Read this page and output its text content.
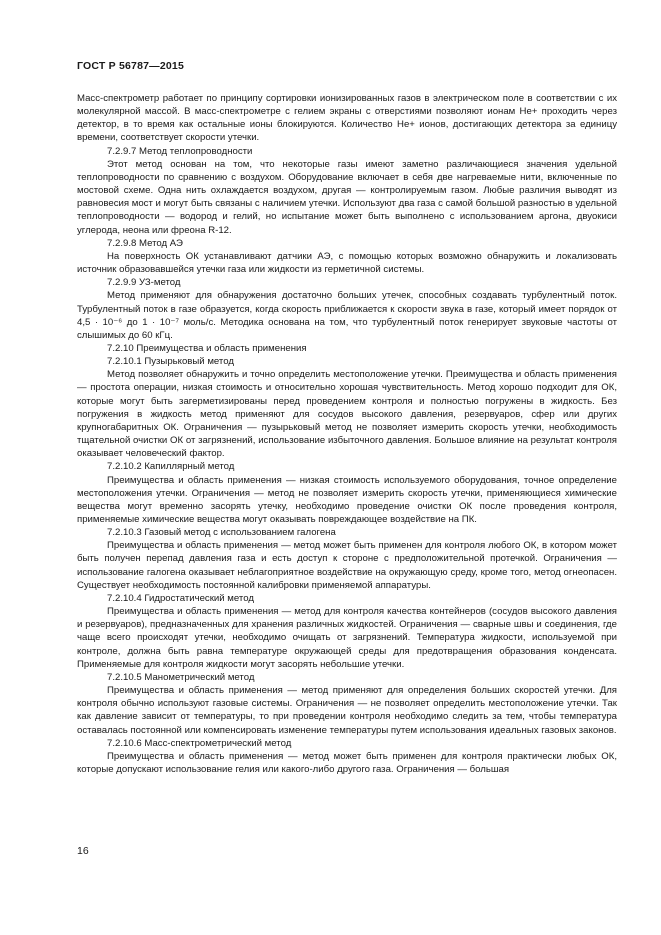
ГОСТ Р 56787—2015

Масс-спектрометр работает по принципу сортировки ионизированных газов в электрическом поле в соответствии с их молекулярной массой. В масс-спектрометре с гелием экраны с отверстиями позволяют ионам He+ проходить через детектор, в то время как остальные ионы блокируются. Количество He+ ионов, достигающих детектора за единицу времени, соответствует скорости утечки.

7.2.9.7 Метод теплопроводности

Этот метод основан на том, что некоторые газы имеют заметно различающиеся значения удельной теплопроводности по сравнению с воздухом. Оборудование включает в себя две нагреваемые нити, включенные по мостовой схеме. Одна нить охлаждается воздухом, другая — контролируемым газом. Любые различия выводят из равновесия мост и могут быть связаны с наличием утечки. Используют два газа с самой большой разностью в удельной теплопроводности — водород и гелий, но испытание может быть выполнено с использованием аргона, двуокиси углерода, неона или фреона R-12.

7.2.9.8 Метод АЭ

На поверхность ОК устанавливают датчики АЭ, с помощью которых возможно обнаружить и локализовать источник образовавшейся утечки газа или жидкости из герметичной системы.

7.2.9.9 УЗ-метод

Метод применяют для обнаружения достаточно больших утечек, способных создавать турбулентный поток. Турбулентный поток в газе образуется, когда скорость приближается к скорости звука в газе, который имеет порядок от 4,5 · 10⁻⁶ до 1 · 10⁻⁷ моль/с. Методика основана на том, что турбулентный поток генерирует звуковые частоты от слышимых до 60 кГц.

7.2.10 Преимущества и область применения

7.2.10.1 Пузырьковый метод

Метод позволяет обнаружить и точно определить местоположение утечки. Преимущества и область применения — простота операции, низкая стоимость и относительно хорошая чувствительность. Метод хорошо подходит для ОК, которые могут быть загерметизированы перед проведением контроля и полностью погружены в жидкость. Без погружения в жидкость метод применяют для сосудов высокого давления, резервуаров, сфер или других крупногабаритных ОК. Ограничения — пузырьковый метод не позволяет измерить скорость утечки, необходимость тщательной очистки ОК от загрязнений, использование избыточного давления. Большое влияние на результат контроля оказывает человеческий фактор.

7.2.10.2 Капиллярный метод

Преимущества и область применения — низкая стоимость используемого оборудования, точное определение местоположения утечки. Ограничения — метод не позволяет измерить скорость утечки, применяющиеся химические вещества могут временно засорять утечку, необходимо проведение очистки ОК после проведения контроля, применяемые химические вещества могут оказывать повреждающее воздействие на ПК.

7.2.10.3 Газовый метод с использованием галогена

Преимущества и область применения — метод может быть применен для контроля любого ОК, в котором может быть получен перепад давления газа и есть доступ к стороне с предположительной протечкой. Ограничения — использование галогена оказывает неблагоприятное воздействие на окружающую среду, кроме того, метод огнеопасен. Существует необходимость постоянной калибровки применяемой аппаратуры.

7.2.10.4 Гидростатический метод

Преимущества и область применения — метод для контроля качества контейнеров (сосудов высокого давления и резервуаров), предназначенных для хранения различных жидкостей. Ограничения — сварные швы и соединения, где чаще всего происходят утечки, необходимо очищать от загрязнений. Температура жидкости, используемой при контроле, должна быть равна температуре окружающей среды для предотвращения образования конденсата. Применяемые для контроля жидкости могут засорять небольшие утечки.

7.2.10.5 Манометрический метод

Преимущества и область применения — метод применяют для определения больших скоростей утечки. Для контроля обычно используют газовые системы. Ограничения — не позволяет определить местоположение утечки. Так как давление зависит от температуры, то при проведении контроля необходимо следить за тем, чтобы температура оставалась постоянной или компенсировать изменение температуры путем использования идеальных газовых законов.

7.2.10.6 Масс-спектрометрический метод

Преимущества и область применения — метод может быть применен для контроля практически любых ОК, которые допускают использование гелия или какого-либо другого газа. Ограничения — большая

16
